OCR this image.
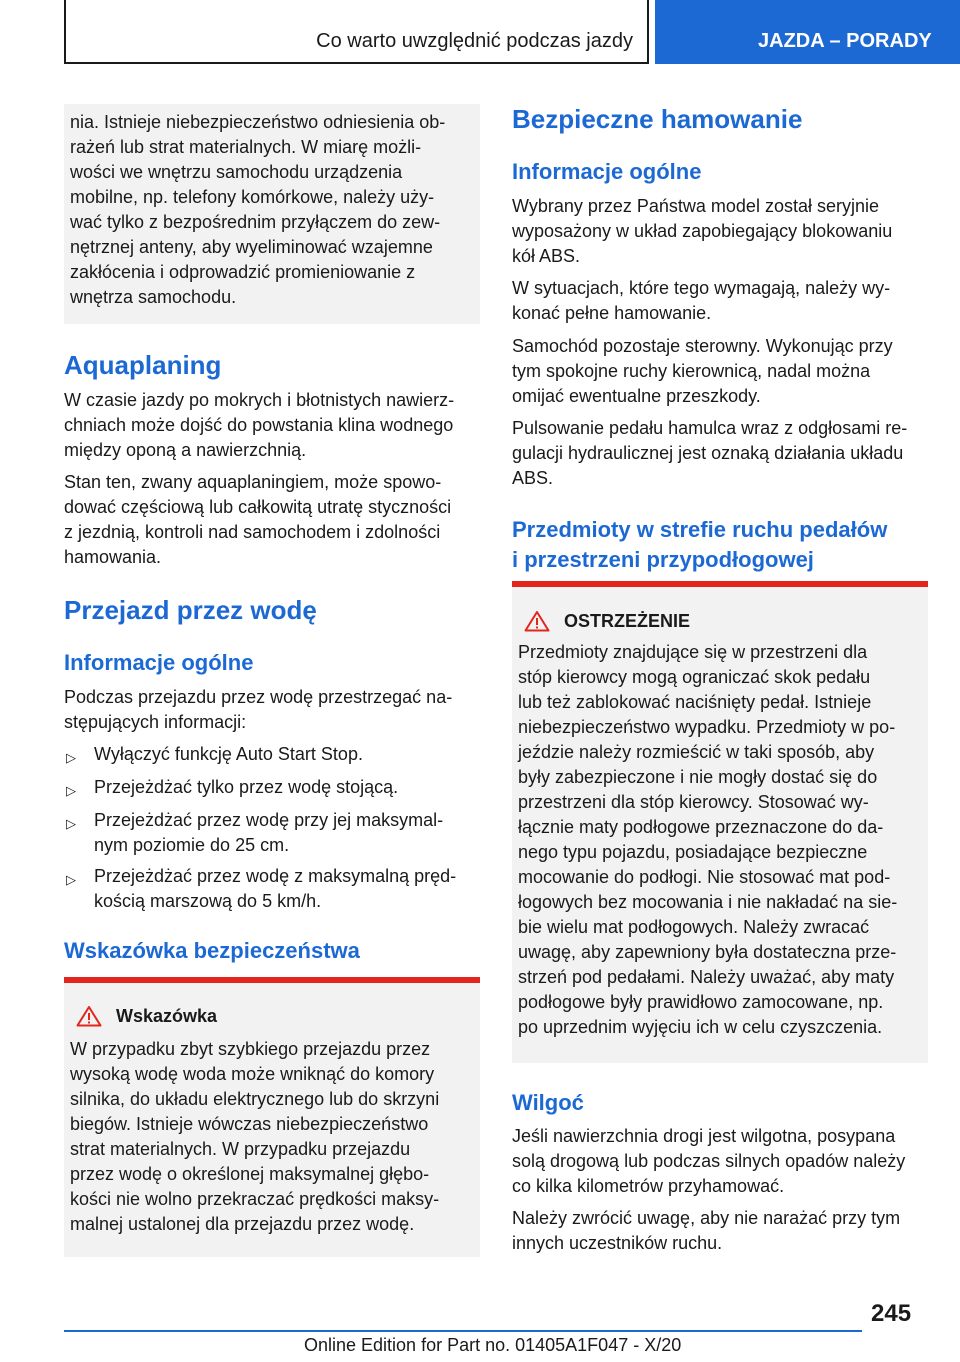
Co warto uwzględnić podczas jazdy	JAZDA – PORADY

nia. Istnieje niebezpieczeństwo odniesienia ob-

rażeń lub strat materialnych. W miarę możli-

wości we wnętrzu samochodu urządzenia

mobilne, np. telefony komórkowe, należy uży-

wać tylko z bezpośrednim przyłączem do zew-

nętrznej anteny, aby wyeliminować wzajemne

zakłócenia i odprowadzić promieniowanie z

wnętrza samochodu.

Aquaplaning

W czasie jazdy po mokrych i błotnistych nawierz-

chniach może dojść do powstania klina wodnego

między oponą a nawierzchnią.

Stan ten, zwany aquaplaningiem, może spowo-

dować częściową lub całkowitą utratę styczności

z jezdnią, kontroli nad samochodem i zdolności

hamowania.

Przejazd przez wodę
Informacje ogólne

Podczas przejazdu przez wodę przestrzegać na-

stępujących informacji:

▷ Wyłączyć funkcję Auto Start Stop.
▷ Przejeżdżać tylko przez wodę stojącą.
▷ Przejeżdżać przez wodę przy jej maksymal-
nym poziomie do 25 cm.
▷ Przejeżdżać przez wodę z maksymalną pręd-
kością marszową do 5 km/h.
Wskazówka bezpieczeństwa
Wskazówka

W przypadku zbyt szybkiego przejazdu przez

wysoką wodę woda może wniknąć do komory

silnika, do układu elektrycznego lub do skrzyni

biegów. Istnieje wówczas niebezpieczeństwo

strat materialnych. W przypadku przejazdu

przez wodę o określonej maksymalnej głębo-

kości nie wolno przekraczać prędkości maksy-

malnej ustalonej dla przejazdu przez wodę.

Bezpieczne hamowanie
Informacje ogólne

Wybrany przez Państwa model został seryjnie

wyposażony w układ zapobiegający blokowaniu

kół ABS.

W sytuacjach, które tego wymagają, należy wy-

konać pełne hamowanie.

Samochód pozostaje sterowny. Wykonując przy

tym spokojne ruchy kierownicą, nadal można

omijać ewentualne przeszkody.

Pulsowanie pedału hamulca wraz z odgłosami re-

gulacji hydraulicznej jest oznaką działania układu

ABS.

Przedmioty w strefie ruchu pedałów
i przestrzeni przypodłogowej
OSTRZEŻENIE

Przedmioty znajdujące się w przestrzeni dla

stóp kierowcy mogą ograniczać skok pedału

lub też zablokować naciśnięty pedał. Istnieje

niebezpieczeństwo wypadku. Przedmioty w po-

jeździe należy rozmieścić w taki sposób, aby

były zabezpieczone i nie mogły dostać się do

przestrzeni dla stóp kierowcy. Stosować wy-

łącznie maty podłogowe przeznaczone do da-

nego typu pojazdu, posiadające bezpieczne

mocowanie do podłogi. Nie stosować mat pod-

łogowych bez mocowania i nie nakładać na sie-

bie wielu mat podłogowych. Należy zwracać

uwagę, aby zapewniony była dostateczna prze-

strzeń pod pedałami. Należy uważać, aby maty

podłogowe były prawidłowo zamocowane, np.

po uprzednim wyjęciu ich w celu czyszczenia.

Wilgoć

Jeśli nawierzchnia drogi jest wilgotna, posypana

solą drogową lub podczas silnych opadów należy

co kilka kilometrów przyhamować.

Należy zwrócić uwagę, aby nie narażać przy tym

innych uczestników ruchu.

245
Online Edition for Part no. 01405A1F047 - X/20
